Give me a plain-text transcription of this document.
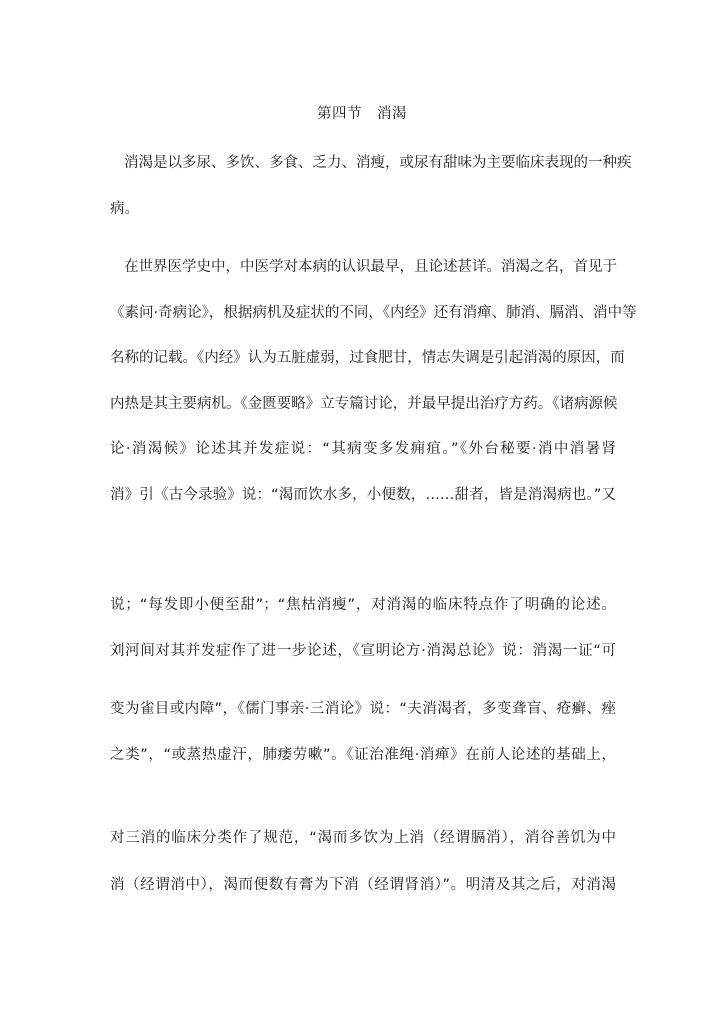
第四节　消渴
消渴是以多尿、多饮、多食、乏力、消瘦，或尿有甜味为主要临床表现的一种疾
病。
在世界医学史中，中医学对本病的认识最早，且论述甚详。消渴之名，首见于
《素问·奇病论》，根据病机及症状的不同，《内经》还有消瘅、肺消、膈消、消中等
名称的记载。《内经》认为五脏虚弱，过食肥甘，情志失调是引起消渴的原因，而
内热是其主要病机。《金匮要略》立专篇讨论，并最早提出治疗方药。《诸病源候
论·消渴候》论述其并发症说：“其病变多发痈疽。”《外台秘要·消中消暑肾
消》引《古今录验》说：“渴而饮水多，小便数，……甜者，皆是消渴病也。”又
说；“每发即小便至甜”；“焦枯消瘦”，对消渴的临床特点作了明确的论述。
刘河间对其并发症作了进一步论述，《宣明论方·消渴总论》说：消渴一证“可
变为雀目或内障”，《儒门事亲·三消论》说：“夫消渴者，多变聋盲、疮癣、痤
之类”，“或蒸热虚汗，肺痿劳嗽”。《证治准绳·消瘅》在前人论述的基础上，
对三消的临床分类作了规范，“渴而多饮为上消（经谓膈消），消谷善饥为中
消（经谓消中），渴而便数有膏为下消（经谓肾消）”。明清及其之后，对消渴
